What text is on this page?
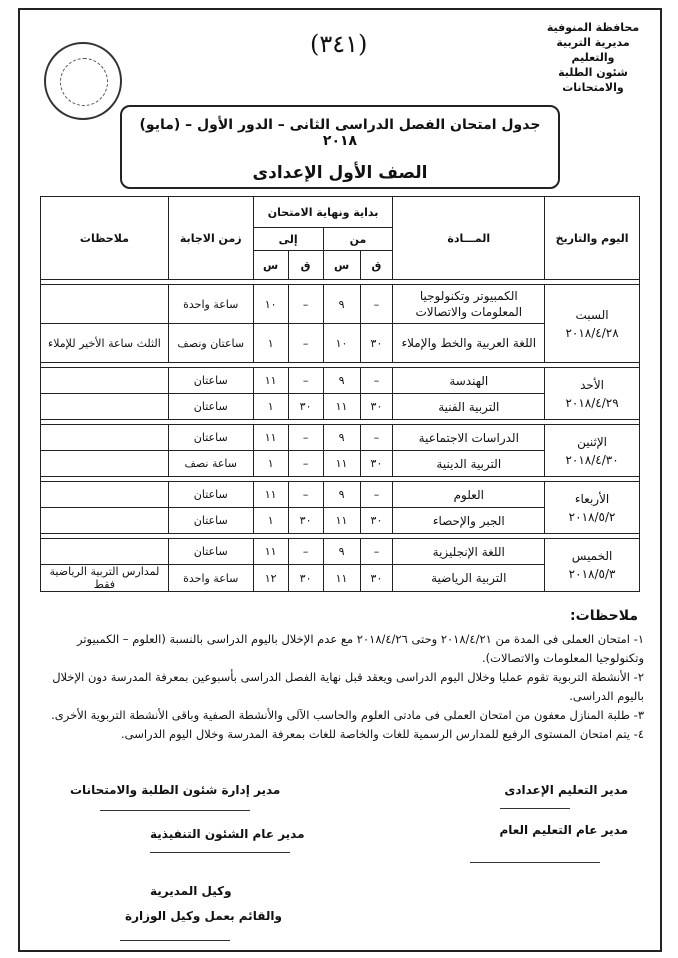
محافظة المنوفية
مديرية التربية والتعليم
شئون الطلبة والامتحانات
(٣٤١)
جدول امتحان الفصل الدراسى الثانى – الدور الأول – (مايو) ٢٠١٨
الصف الأول الإعدادى
اليوم والتاريخ	المـــادة	بداية ونهاية الامتحان				زمن الاجابة	ملاحظات
		من		إلى			
		ق	س	ق	س		

السبت
٢٠١٨/٤/٢٨	الكمبيوتر وتكنولوجيا المعلومات والاتصالات	–	٩	–	١٠	ساعة واحدة	
	اللغة العربية والخط والإملاء	٣٠	١٠	–	١	ساعتان ونصف	الثلث ساعة الأخير للإملاء

الأحد
٢٠١٨/٤/٢٩	الهندسة	–	٩	–	١١	ساعتان	
	التربية الفنية	٣٠	١١	٣٠	١	ساعتان	

الإثنين
٢٠١٨/٤/٣٠	الدراسات الاجتماعية	–	٩	–	١١	ساعتان	
	التربية الدينية	٣٠	١١	–	١	ساعة نصف	

الأربعاء
٢٠١٨/٥/٢	العلوم	–	٩	–	١١	ساعتان	
	الجبر والإحصاء	٣٠	١١	٣٠	١	ساعتان	

الخميس
٢٠١٨/٥/٣	اللغة الإنجليزية	–	٩	–	١١	ساعتان	
	التربية الرياضية	٣٠	١١	٣٠	١٢	ساعة واحدة	لمدارس التربية الرياضية فقط
ملاحظات:

١- امتحان العملى فى المدة من ٢٠١٨/٤/٢١ وحتى ٢٠١٨/٤/٢٦ مع عدم الإخلال باليوم الدراسى بالنسبة (العلوم – الكمبيوتر وتكنولوجيا المعلومات والاتصالات).

٢- الأنشطة التربوية تقوم عمليا وخلال اليوم الدراسى ويعقد قبل نهاية الفصل الدراسى بأسبوعين بمعرفة المدرسة دون الإخلال باليوم الدراسى.

٣- طلبة المنازل معفون من امتحان العملى فى مادتى العلوم والحاسب الآلى والأنشطة الصفية وباقى الأنشطة التربوية الأخرى.

٤- يتم امتحان المستوى الرفيع للمدارس الرسمية للغات والخاصة للغات بمعرفة المدرسة وخلال اليوم الدراسى.

مدير إدارة شئون الطلبة والامتحانات	مدير التعليم الإعدادى
مدير عام الشئون التنفيذية	مدير عام التعليم العام
وكيل المديرية
والقائم بعمل وكيل الوزارة
